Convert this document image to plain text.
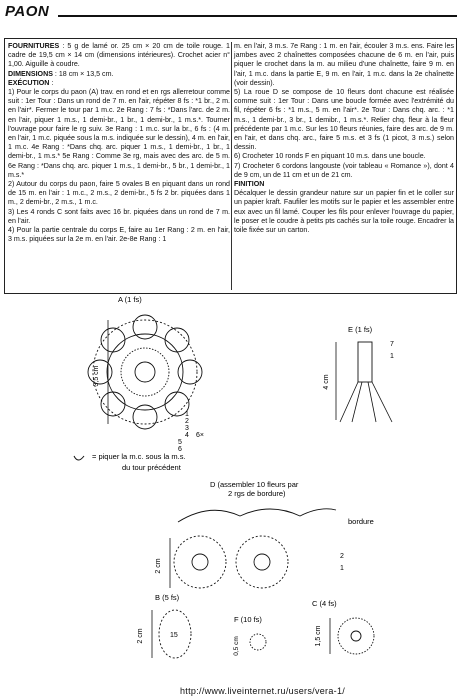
PAON

FOURNITURES : 5 g de lamé or. 25 cm × 20 cm de toile rouge. 1 cadre de 19,5 cm × 14 cm (dimensions intérieures). Crochet acier n° 1,00. Aiguille à coudre.

DIMENSIONS : 18 cm × 13,5 cm.

EXÉCUTION :

1) Pour le corps du paon (A) trav. en rond et en rgs allerretour comme suit : 1er Tour : Dans un rond de 7 m. en l'air, répéter 8 fs : *1 br., 2 m. en l'air*. Fermer le tour par 1 m.c. 2e Rang : 7 fs : *Dans l'arc. de 2 m. en l'air, piquer 1 m.s., 1 demi-br., 1 br., 1 demi-br., 1 m.s.*. Tourner l'ouvrage pour faire le rg suiv. 3e Rang : 1 m.c. sur la br., 6 fs : (4 m. en l'air, 1 m.c. piquée sous la m.s. indiquée sur le dessin), 4 m. en l'air, 1 m.c. 4e Rang : *Dans chq. arc. piquer 1 m.s., 1 demi-br., 1 br., 1 demi-br., 1 m.s.* 5e Rang : Comme 3e rg, mais avec des arc. de 5 m. 6e Rang : *Dans chq. arc. piquer 1 m.s., 1 demi-br., 5 br., 1 demi-br., 1 m.s.*

2) Autour du corps du paon, faire 5 ovales B en piquant dans un rond de 15 m. en l'air : 1 m.c., 2 m.s., 2 demi-br., 5 fs 2 br. piquées dans 1 m., 2 demi-br., 2 m.s., 1 m.c.

3) Les 4 ronds C sont faits avec 16 br. piquées dans un rond de 7 m. en l'air.

4) Pour la partie centrale du corps E, faire au 1er Rang : 2 m. en l'air, 3 m.s. piquées sur la 2e m. en l'air. 2e-8e Rang : 1

m. en l'air, 3 m.s. 7e Rang : 1 m. en l'air, écouler 3 m.s. ens. Faire les jambes avec 2 chaînettes composées chacune de 6 m. en l'air, puis piquer le crochet dans la m. au milieu d'une chaînette, faire 9 m. en l'air, 1 m.c. dans la partie E, 9 m. en l'air, 1 m.c. dans la 2e chaînette (voir dessin).

5) La roue D se compose de 10 fleurs dont chacune est réalisée comme suit : 1er Tour : Dans une boucle formée avec l'extrémité du fil, répéter 6 fs : *1 m.s., 5 m. en l'air*. 2e Tour : Dans chq. arc. : *1 m.s., 1 demi-br., 3 br., 1 demibr., 1 m.s.*. Relier chq. fleur à la fleur précédente par 1 m.c. Sur les 10 fleurs réunies, faire des arc. de 9 m. en l'air, et dans chq. arc., faire 5 m.s. et 3 fs (1 picot, 3 m.s.) selon dessin.

6) Crocheter 10 ronds F en piquant 10 m.s. dans une boucle.

7) Crocheter 6 cordons langouste (voir tableau « Romance »), dont 4 de 9 cm, un de 11 cm et un de 21 cm.

FINITION

Décalquer le dessin grandeur nature sur un papier fin et le coller sur un papier kraft. Faufiler les motifs sur le papier et les assembler entre eux avec un fil lamé. Couper les fils pour enlever l'ouvrage du papier, le poser et le coudre à petits pts cachés sur la toile rouge. Encadrer la toile fixée sur un carton.

A (1 fs)
3,5 cm
1
2
3
4
5
6
6×
E (1 fs)
4 cm
7
1
= piquer la m.c. sous la m.s.
du tour précédent
D (assembler 10 fleurs par
2 rgs de bordure)
bordure
2 cm
2
1
B (5 fs)
15
2 cm
F (10 fs)
0,5 cm
C (4 fs)
1,5 cm
http://www.liveinternet.ru/users/vera-1/
